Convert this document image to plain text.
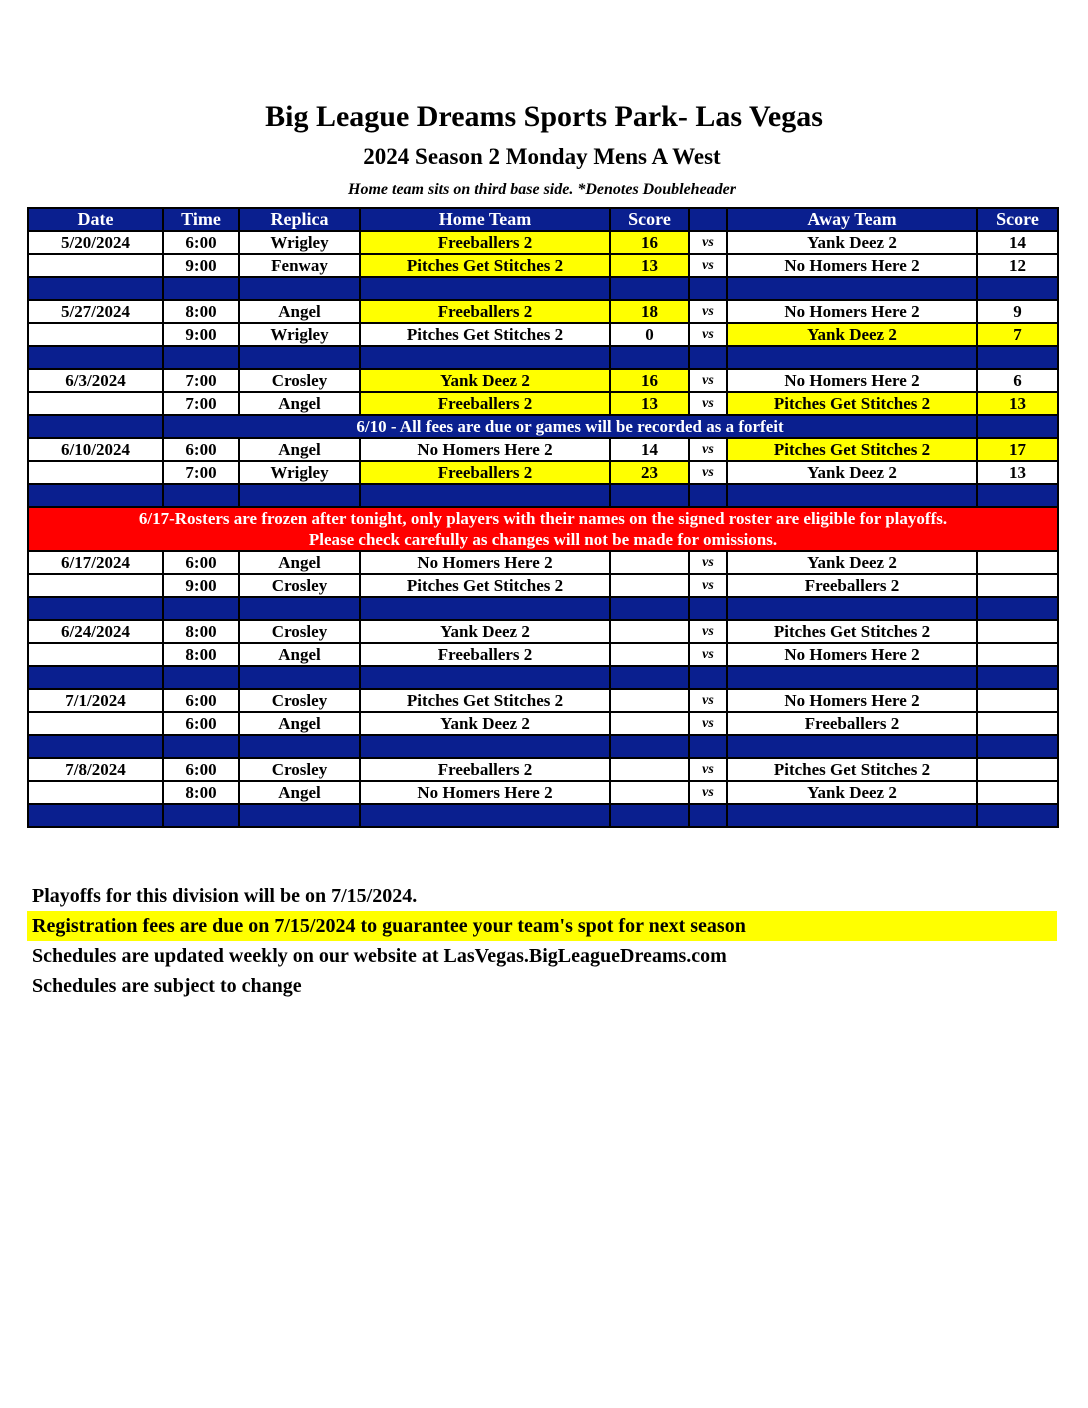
Big League Dreams Sports Park- Las Vegas
2024 Season 2 Monday Mens A West
Home team sits on third base side. *Denotes Doubleheader
Date	Time	Replica	Home Team	Score		Away Team	Score
5/20/2024	6:00	Wrigley	Freeballers 2	16	vs	Yank Deez 2	14
	9:00	Fenway	Pitches Get Stitches 2	13	vs	No Homers Here 2	12

5/27/2024	8:00	Angel	Freeballers 2	18	vs	No Homers Here 2	9
	9:00	Wrigley	Pitches Get Stitches 2	0	vs	Yank Deez 2	7

6/3/2024	7:00	Crosley	Yank Deez 2	16	vs	No Homers Here 2	6
	7:00	Angel	Freeballers 2	13	vs	Pitches Get Stitches 2	13
	6/10 - All fees are due or games will be recorded as a forfeit						
6/10/2024	6:00	Angel	No Homers Here 2	14	vs	Pitches Get Stitches 2	17
	7:00	Wrigley	Freeballers 2	23	vs	Yank Deez 2	13

6/17-Rosters are frozen after tonight, only players with their names on the signed roster are eligible for playoffs.
Please check carefully as changes will not be made for omissions.							

6/17/2024	6:00	Angel	No Homers Here 2		vs	Yank Deez 2	
	9:00	Crosley	Pitches Get Stitches 2		vs	Freeballers 2	

6/24/2024	8:00	Crosley	Yank Deez 2		vs	Pitches Get Stitches 2	
	8:00	Angel	Freeballers 2		vs	No Homers Here 2	

7/1/2024	6:00	Crosley	Pitches Get Stitches 2		vs	No Homers Here 2	
	6:00	Angel	Yank Deez 2		vs	Freeballers 2	

7/8/2024	6:00	Crosley	Freeballers 2		vs	Pitches Get Stitches 2	
	8:00	Angel	No Homers Here 2		vs	Yank Deez 2	

Playoffs for this division will be on 7/15/2024.
Registration fees are due on 7/15/2024 to guarantee your team's spot for next season
Schedules are updated weekly on our website at LasVegas.BigLeagueDreams.com
Schedules are subject to change
